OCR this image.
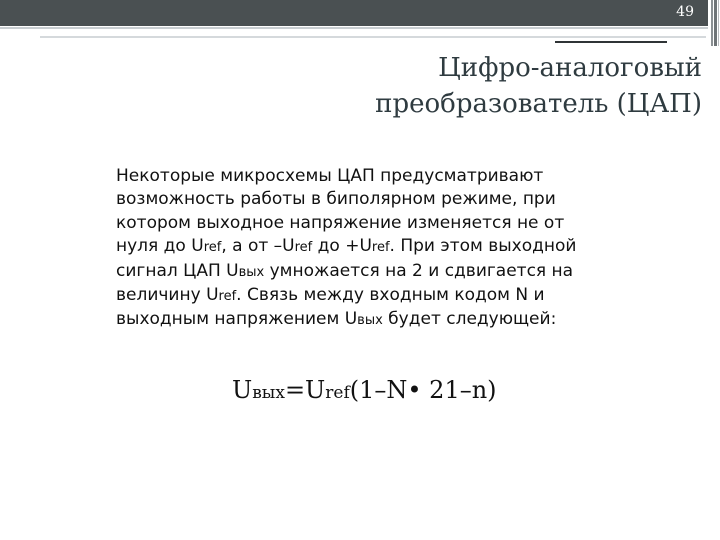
49
Цифро-аналоговый
преобразователь (ЦАП)
Некоторые микросхемы ЦАП предусматривают
возможность работы в биполярном режиме, при
котором выходное напряжение изменяется не от
нуля до Uref, а от –Uref до +Uref. При этом выходной
сигнал ЦАП Uвых умножается на 2 и сдвигается на
величину Uref. Связь между входным кодом N и
выходным напряжением Uвых будет следующей:
Uвых=Uref(1–N• 21–n)
